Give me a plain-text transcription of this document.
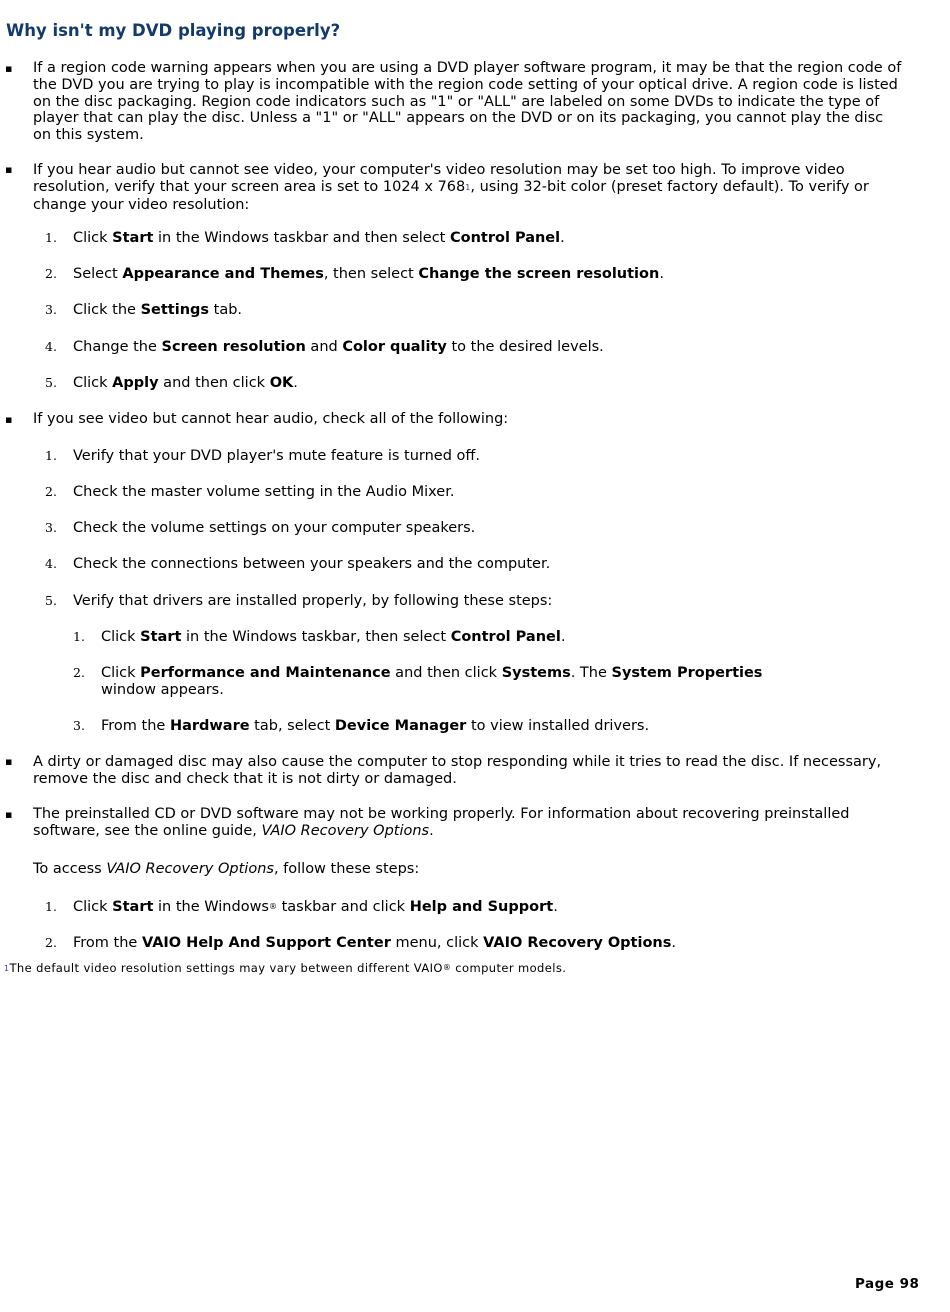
Why isn't my DVD playing properly?
▪ If a region code warning appears when you are using a DVD player software program, it may be that the region code of the DVD you are trying to play is incompatible with the region code setting of your optical drive. A region code is listed on the disc packaging. Region code indicators such as "1" or "ALL" are labeled on some DVDs to indicate the type of player that can play the disc. Unless a "1" or "ALL" appears on the DVD or on its packaging, you cannot play the disc on this system.

▪ If you hear audio but cannot see video, your computer's video resolution may be set too high. To improve video resolution, verify that your screen area is set to 1024 x 768$^1$, using 32-bit color (preset factory default). To verify or change your video resolution:

1. Click Start in the Windows taskbar and then select Control Panel.

2. Select Appearance and Themes, then select Change the screen resolution.

3. Click the Settings tab.

4. Change the Screen resolution and Color quality to the desired levels.

5. Click Apply and then click OK.

▪ If you see video but cannot hear audio, check all of the following:

1. Verify that your DVD player's mute feature is turned off.

2. Check the master volume setting in the Audio Mixer.

3. Check the volume settings on your computer speakers.

4. Check the connections between your speakers and the computer.

5. Verify that drivers are installed properly, by following these steps:

1. Click Start in the Windows taskbar, then select Control Panel.

2. Click Performance and Maintenance and then click Systems. The System Properties window appears.

3. From the Hardware tab, select Device Manager to view installed drivers.

▪ A dirty or damaged disc may also cause the computer to stop responding while it tries to read the disc. If necessary, remove the disc and check that it is not dirty or damaged.

▪ The preinstalled CD or DVD software may not be working properly. For information about recovering preinstalled software, see the online guide, VAIO Recovery Options.

To access VAIO Recovery Options, follow these steps:

1. Click Start in the Windows® taskbar and click Help and Support.

2. From the VAIO Help And Support Center menu, click VAIO Recovery Options.

$^1$The default video resolution settings may vary between different VAIO® computer models.

Page 98
